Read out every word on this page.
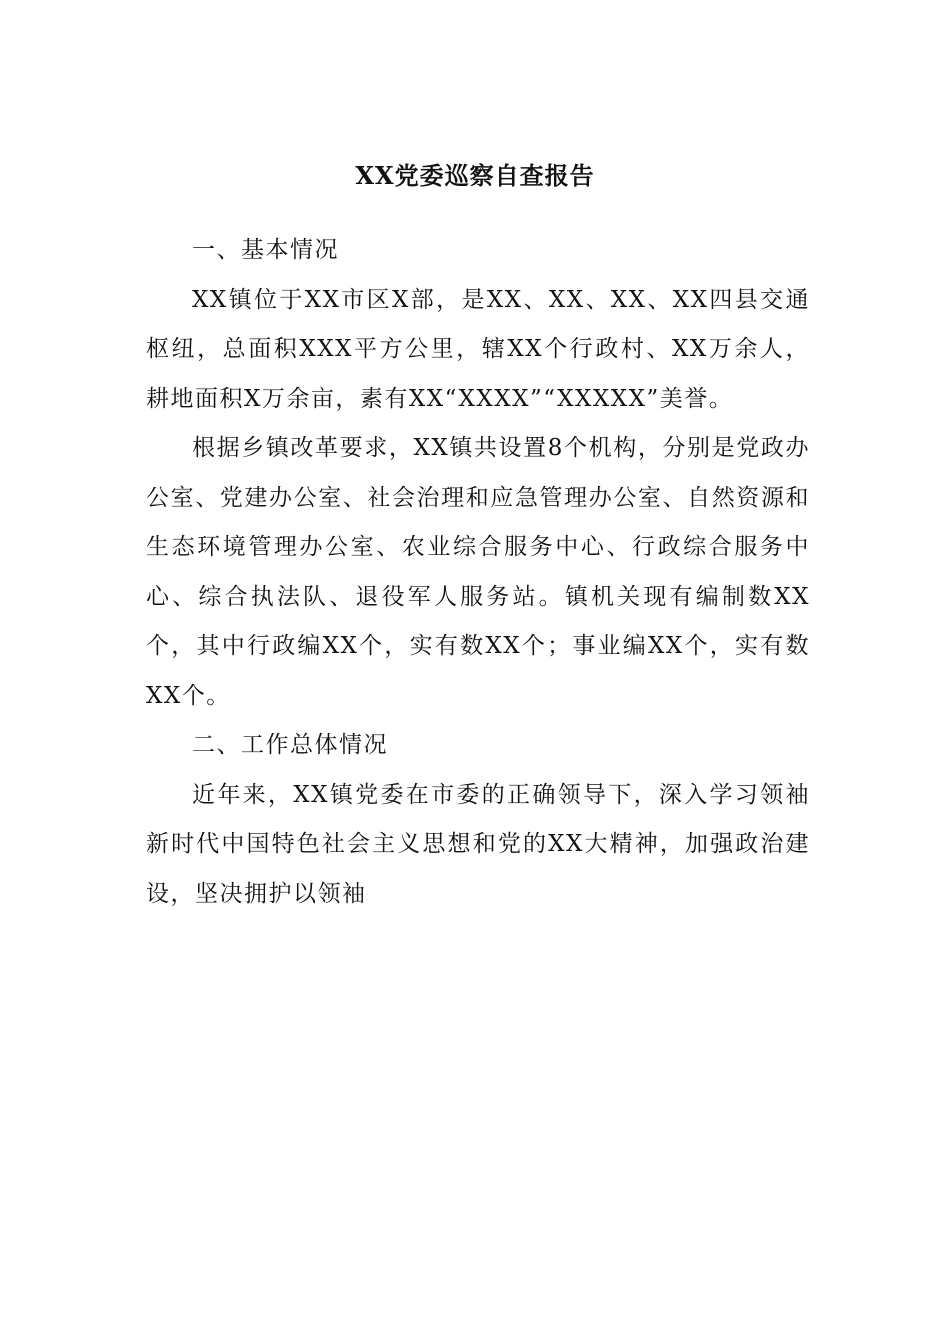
XX党委巡察自查报告

一、基本情况

XX镇位于XX市区X部，是XX、XX、XX、XX四县交通枢纽，总面积XXX平方公里，辖XX个行政村、XX万余人，耕地面积X万余亩，素有XX“XXXX”“XXXXX”美誉。

根据乡镇改革要求，XX镇共设置8个机构，分别是党政办公室、党建办公室、社会治理和应急管理办公室、自然资源和生态环境管理办公室、农业综合服务中心、行政综合服务中心、综合执法队、退役军人服务站。镇机关现有编制数XX个，其中行政编XX个，实有数XX个；事业编XX个，实有数XX个。

二、工作总体情况

近年来，XX镇党委在市委的正确领导下，深入学习领袖新时代中国特色社会主义思想和党的XX大精神，加强政治建设，坚决拥护以领袖
